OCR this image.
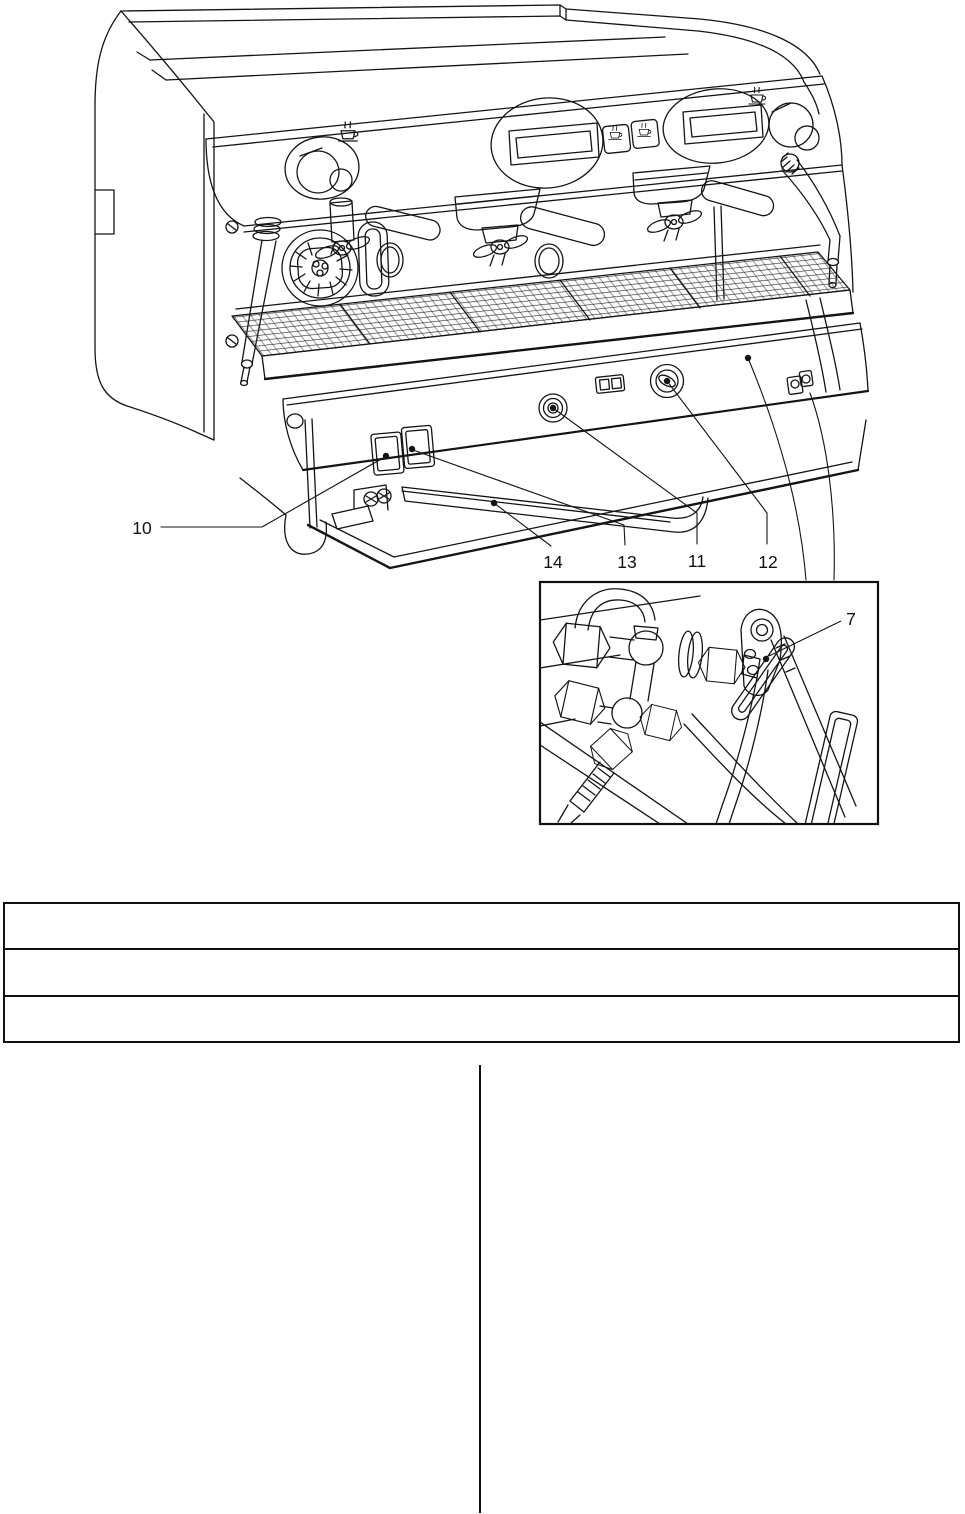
10
14	13	11	12
7
